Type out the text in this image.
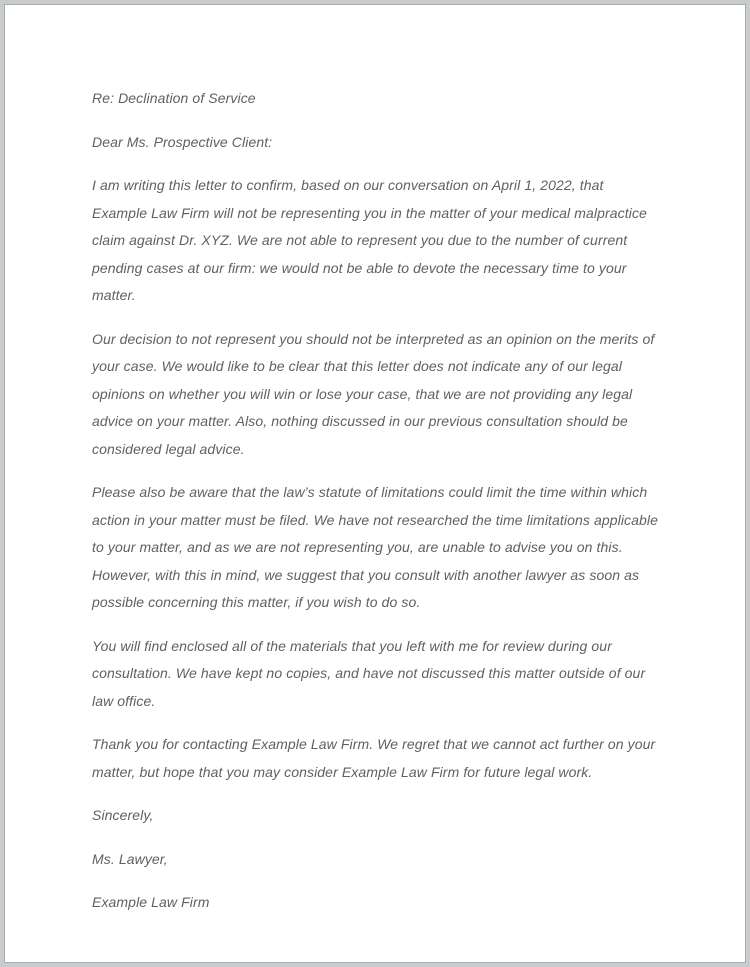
Re: Declination of Service

Dear Ms. Prospective Client:

I am writing this letter to confirm, based on our conversation on April 1, 2022, that Example Law Firm will not be representing you in the matter of your medical malpractice claim against Dr. XYZ. We are not able to represent you due to the number of current pending cases at our firm: we would not be able to devote the necessary time to your matter.

Our decision to not represent you should not be interpreted as an opinion on the merits of your case. We would like to be clear that this letter does not indicate any of our legal opinions on whether you will win or lose your case, that we are not providing any legal advice on your matter. Also, nothing discussed in our previous consultation should be considered legal advice.

Please also be aware that the law’s statute of limitations could limit the time within which action in your matter must be filed. We have not researched the time limitations applicable to your matter, and as we are not representing you, are unable to advise you on this. However, with this in mind, we suggest that you consult with another lawyer as soon as possible concerning this matter, if you wish to do so.

You will find enclosed all of the materials that you left with me for review during our consultation. We have kept no copies, and have not discussed this matter outside of our law office.

Thank you for contacting Example Law Firm. We regret that we cannot act further on your matter, but hope that you may consider Example Law Firm for future legal work.

Sincerely,

Ms. Lawyer,

Example Law Firm
